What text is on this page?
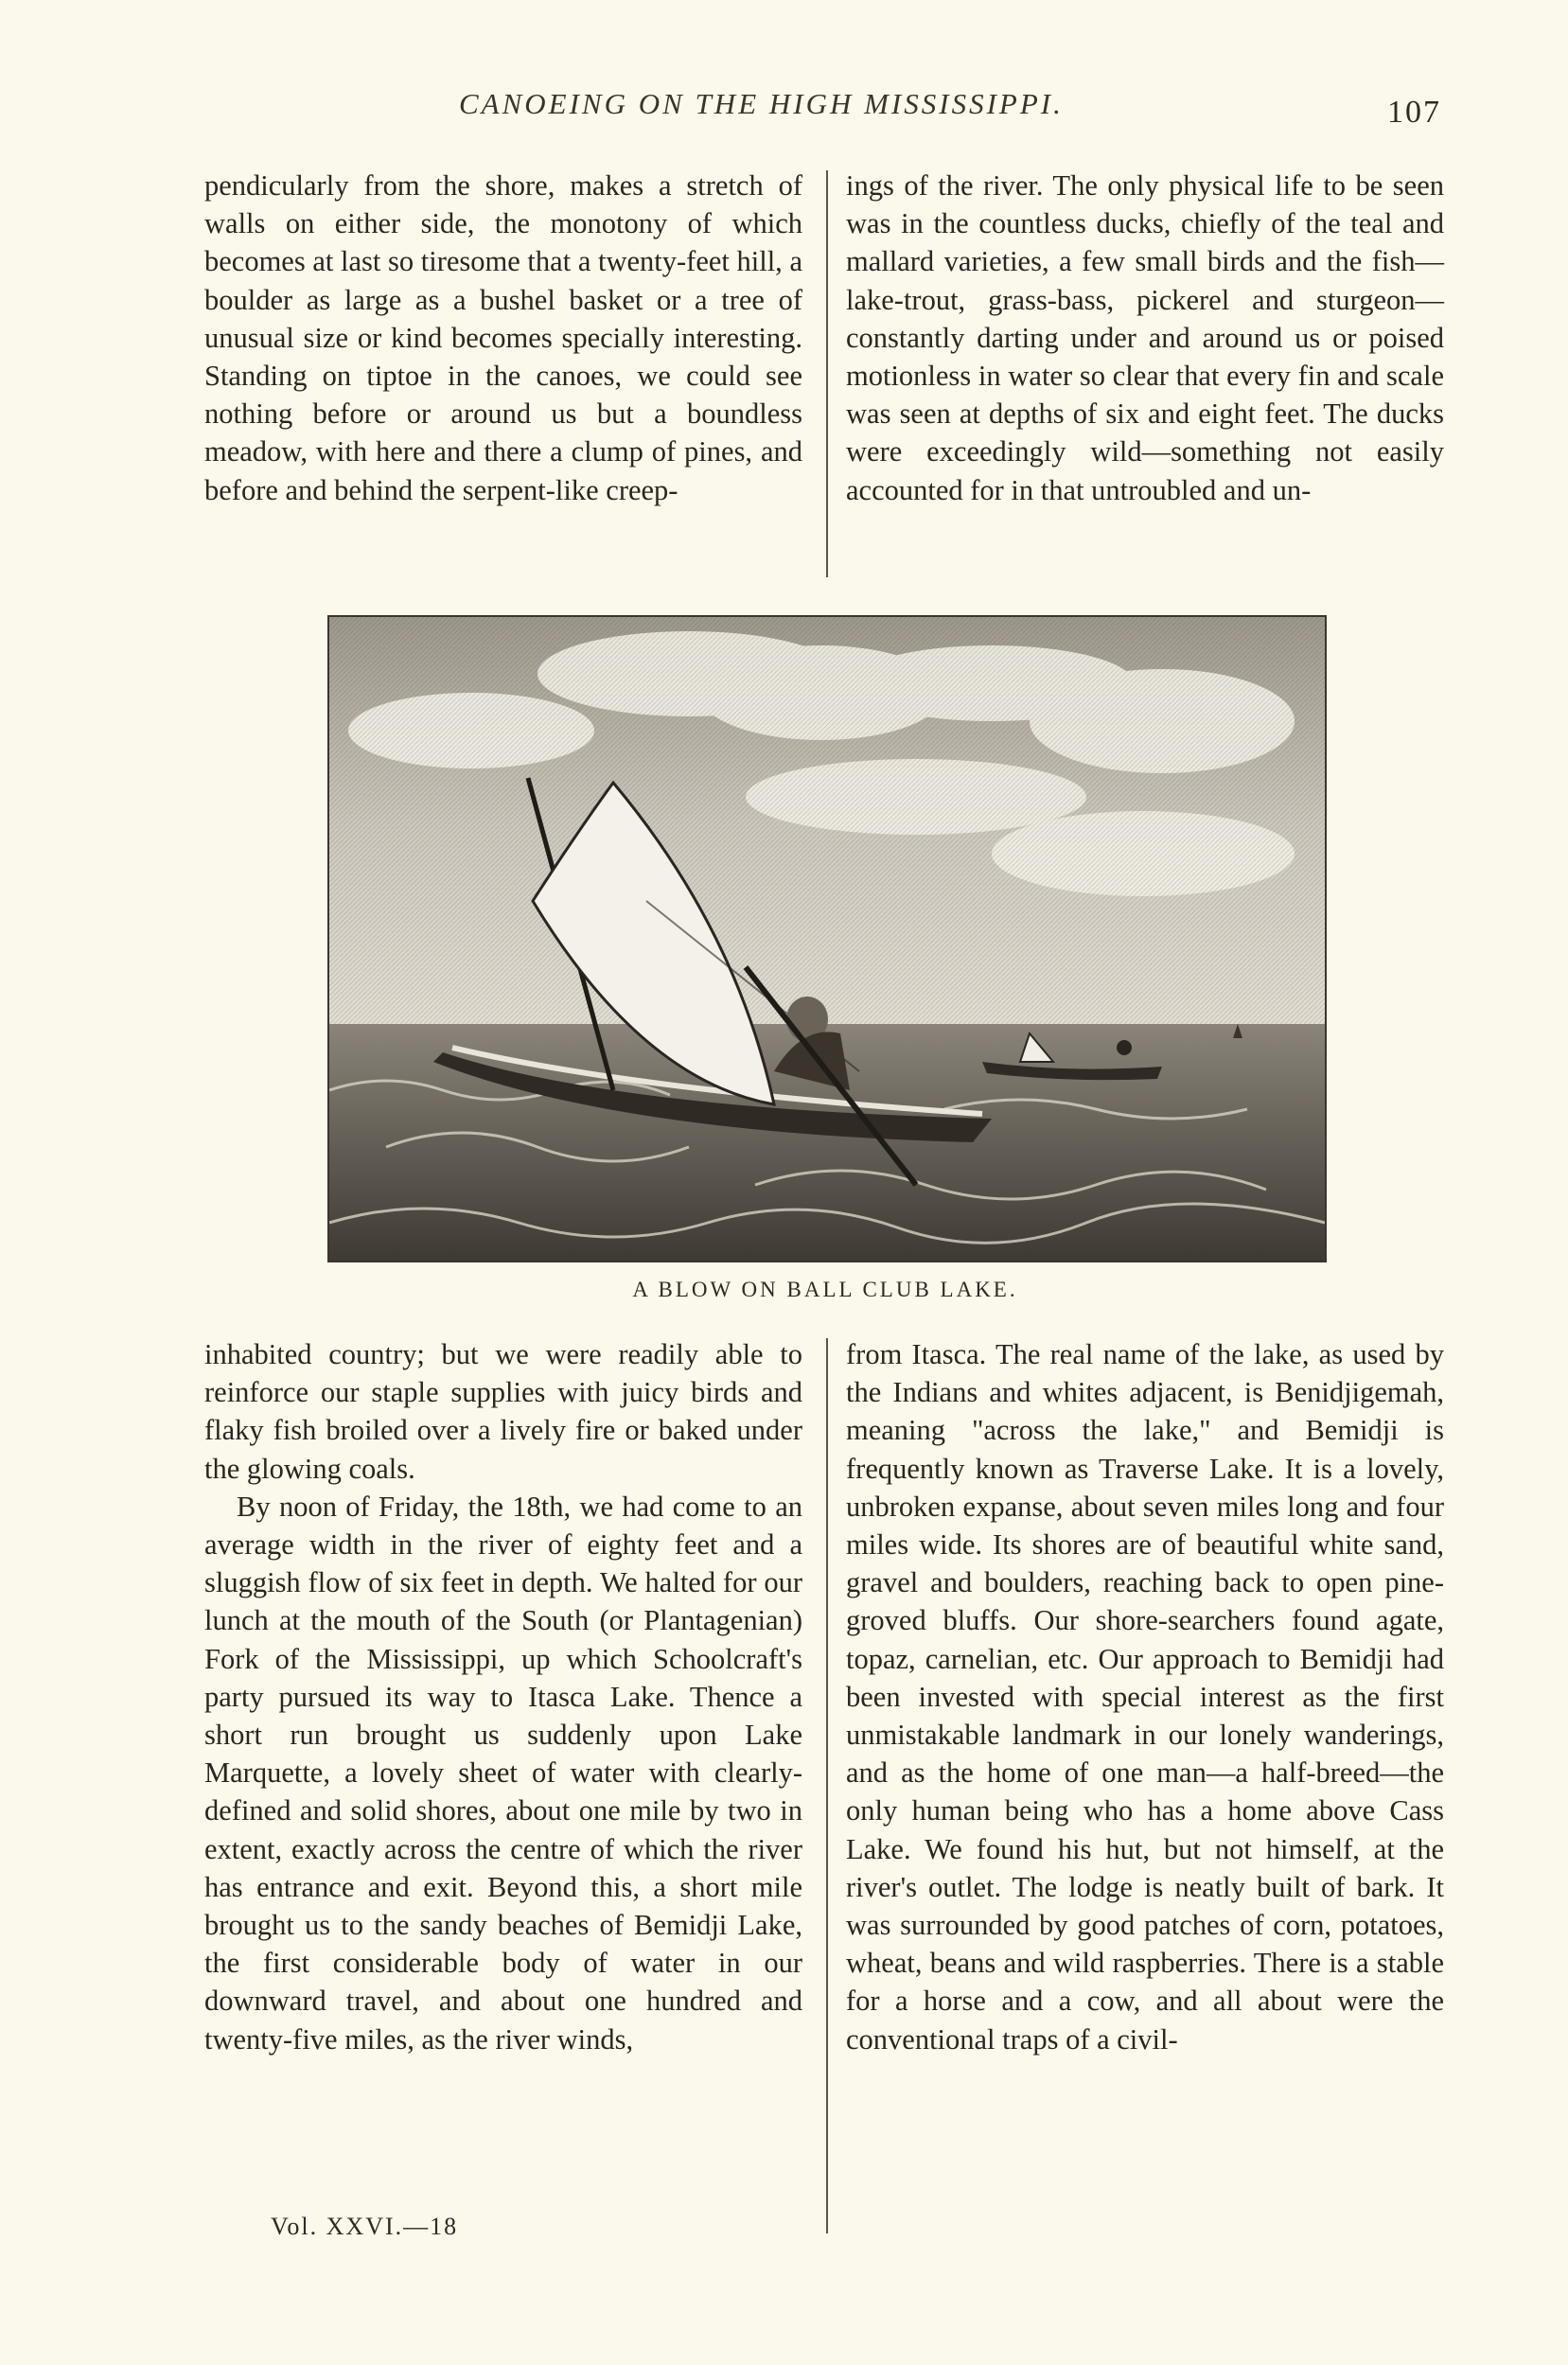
CANOEING ON THE HIGH MISSISSIPPI.	107

pendicularly from the shore, makes a stretch of walls on either side, the monotony of which becomes at last so tiresome that a twenty-feet hill, a boulder as large as a bushel basket or a tree of unusual size or kind becomes specially interesting. Standing on tiptoe in the canoes, we could see nothing before or around us but a boundless meadow, with here and there a clump of pines, and before and behind the serpent-like creep-

ings of the river. The only physical life to be seen was in the countless ducks, chiefly of the teal and mallard varieties, a few small birds and the fish—lake-trout, grass-bass, pickerel and sturgeon—constantly darting under and around us or poised motionless in water so clear that every fin and scale was seen at depths of six and eight feet. The ducks were exceedingly wild—something not easily accounted for in that untroubled and un-

A BLOW ON BALL CLUB LAKE.

inhabited country; but we were readily able to reinforce our staple supplies with juicy birds and flaky fish broiled over a lively fire or baked under the glowing coals.

By noon of Friday, the 18th, we had come to an average width in the river of eighty feet and a sluggish flow of six feet in depth. We halted for our lunch at the mouth of the South (or Plantagenian) Fork of the Mississippi, up which Schoolcraft's party pursued its way to Itasca Lake. Thence a short run brought us suddenly upon Lake Marquette, a lovely sheet of water with clearly-defined and solid shores, about one mile by two in extent, exactly across the centre of which the river has entrance and exit. Beyond this, a short mile brought us to the sandy beaches of Bemidji Lake, the first considerable body of water in our downward travel, and about one hundred and twenty-five miles, as the river winds,

from Itasca. The real name of the lake, as used by the Indians and whites adjacent, is Benidjigemah, meaning "across the lake," and Bemidji is frequently known as Traverse Lake. It is a lovely, unbroken expanse, about seven miles long and four miles wide. Its shores are of beautiful white sand, gravel and boulders, reaching back to open pine-groved bluffs. Our shore-searchers found agate, topaz, carnelian, etc. Our approach to Bemidji had been invested with special interest as the first unmistakable landmark in our lonely wanderings, and as the home of one man—a half-breed—the only human being who has a home above Cass Lake. We found his hut, but not himself, at the river's outlet. The lodge is neatly built of bark. It was surrounded by good patches of corn, potatoes, wheat, beans and wild raspberries. There is a stable for a horse and a cow, and all about were the conventional traps of a civil-

Vol. XXVI.—18
